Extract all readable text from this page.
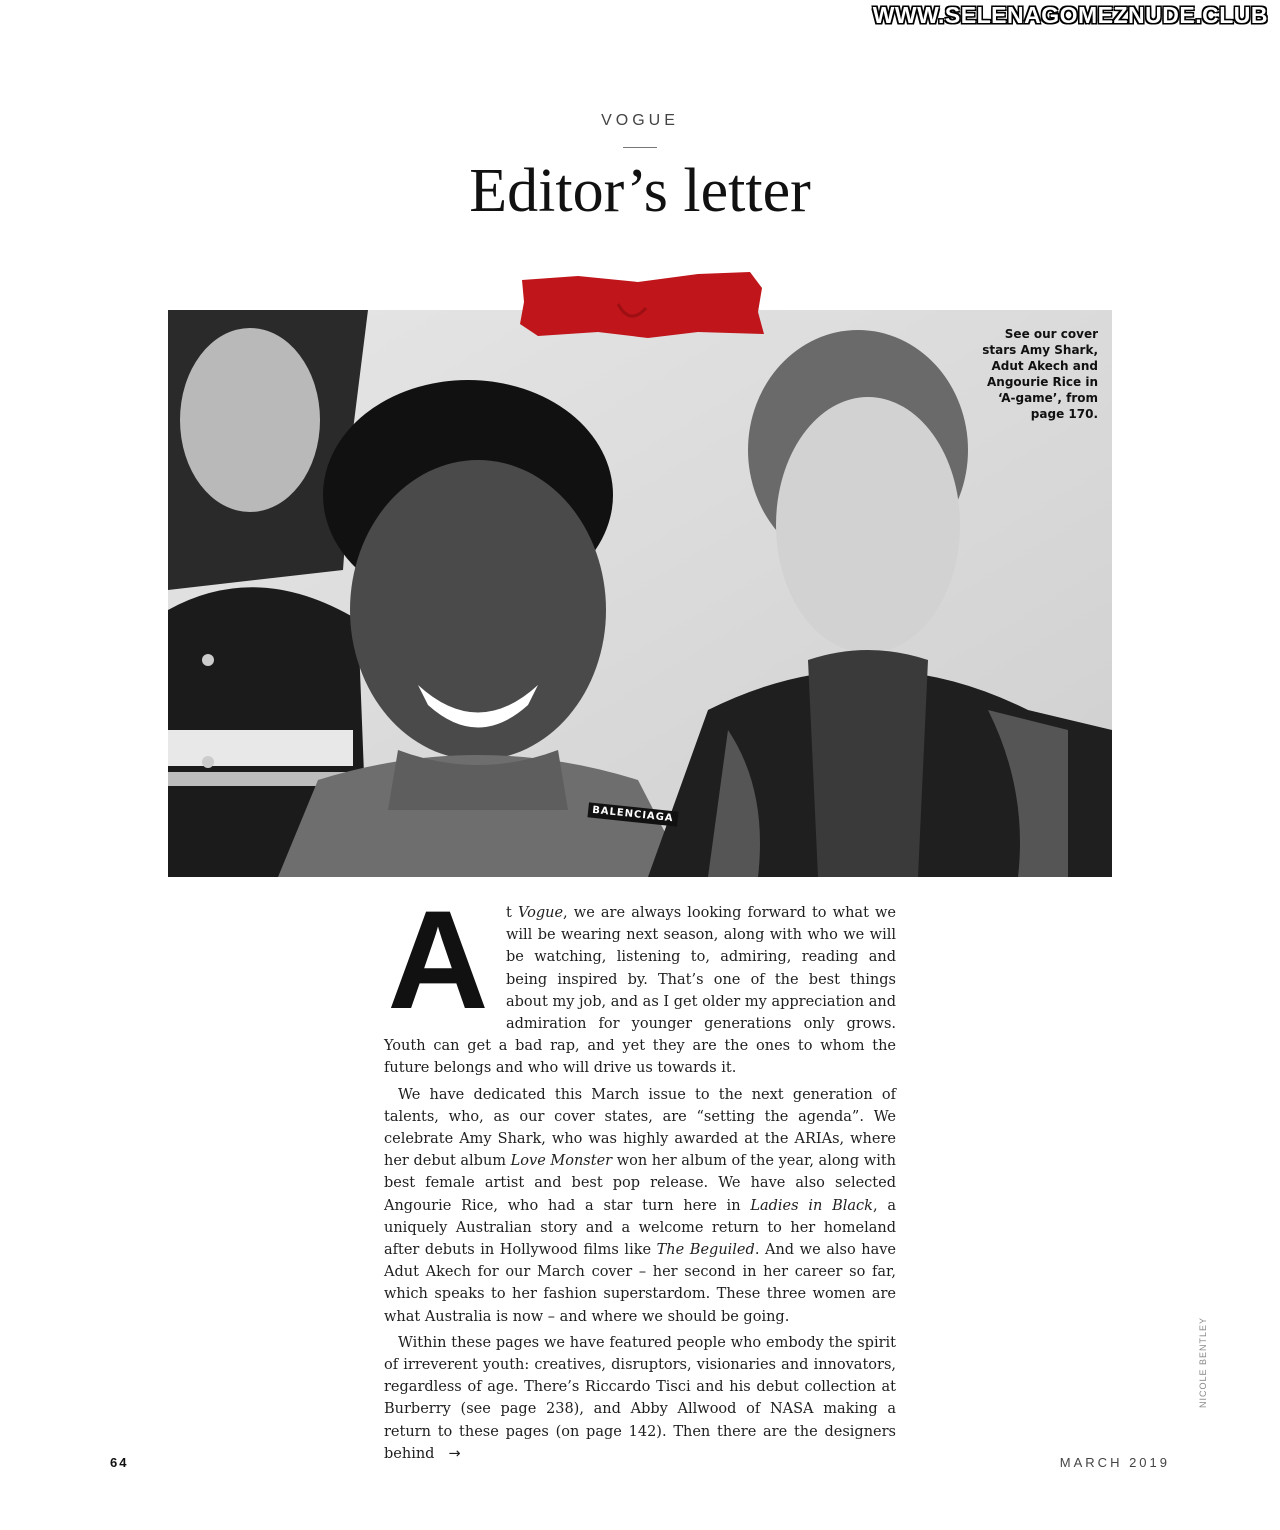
WWW.SELENAGOMEZNUDE.CLUB
VOGUE
Editor’s letter
See our cover stars Amy Shark, Adut Akech and Angourie Rice in ‘A-game’, from page 170.
BALENCIAGA

A t Vogue, we are always looking forward to what we will be wearing next season, along with who we will be watching, listening to, admiring, reading and being inspired by. That’s one of the best things about my job, and as I get older my appreciation and admiration for younger generations only grows. Youth can get a bad rap, and yet they are the ones to whom the future belongs and who will drive us towards it.

We have dedicated this March issue to the next generation of talents, who, as our cover states, are “setting the agenda”. We celebrate Amy Shark, who was highly awarded at the ARIAs, where her debut album Love Monster won her album of the year, along with best female artist and best pop release. We have also selected Angourie Rice, who had a star turn here in Ladies in Black, a uniquely Australian story and a welcome return to her homeland after debuts in Hollywood films like The Beguiled. And we also have Adut Akech for our March cover – her second in her career so far, which speaks to her fashion superstardom. These three women are what Australia is now – and where we should be going.

Within these pages we have featured people who embody the spirit of irreverent youth: creatives, disruptors, visionaries and innovators, regardless of age. There’s Riccardo Tisci and his debut collection at Burberry (see page 238), and Abby Allwood of NASA making a return to these pages (on page 142). Then there are the designers behind →

NICOLE BENTLEY
64	MARCH 2019
